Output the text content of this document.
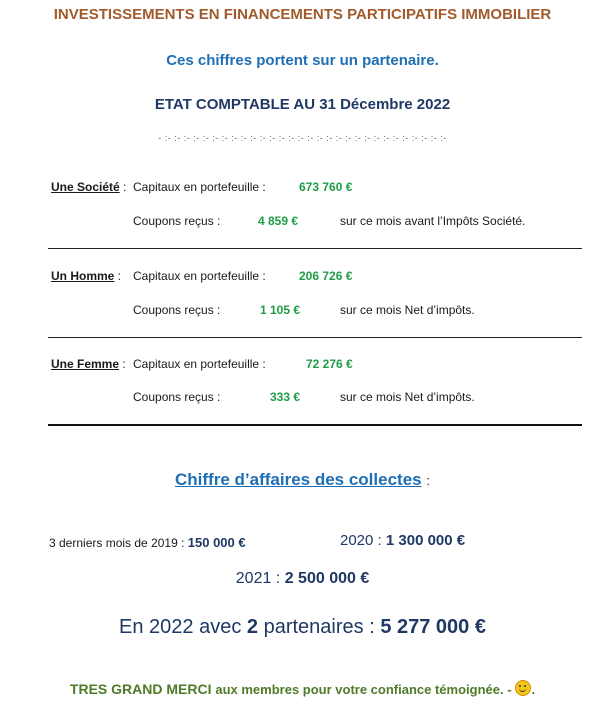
INVESTISSEMENTS EN FINANCEMENTS PARTICIPATIFS IMMOBILIER
Ces chiffres portent sur un partenaire.
ETAT COMPTABLE AU 31 Décembre 2022
- :- :- :- :- :- :- :- :- :- :- :- :- :- :- :- :- :- :- :- :- :- :- :- :- :- :- :- :- :- :-
Une Société : Capitaux en portefeuille :	673 760 €
Coupons reçus :	4 859 €	sur ce mois avant l’Impôts Société.
Un Homme : Capitaux en portefeuille :	206 726 €
Coupons reçus :	1 105 €	sur ce mois Net d’impôts.
Une Femme : Capitaux en portefeuille :	72 276 €
Coupons reçus :	333 €	sur ce mois Net d’impôts.
Chiffre d’affaires des collectes :
3 derniers mois de 2019 : 150 000 €	2020 : 1 300 000 €
2021 : 2 500 000 €
En 2022 avec 2 partenaires : 5 277 000 €
TRES GRAND MERCI aux membres pour votre confiance témoignée. - .
